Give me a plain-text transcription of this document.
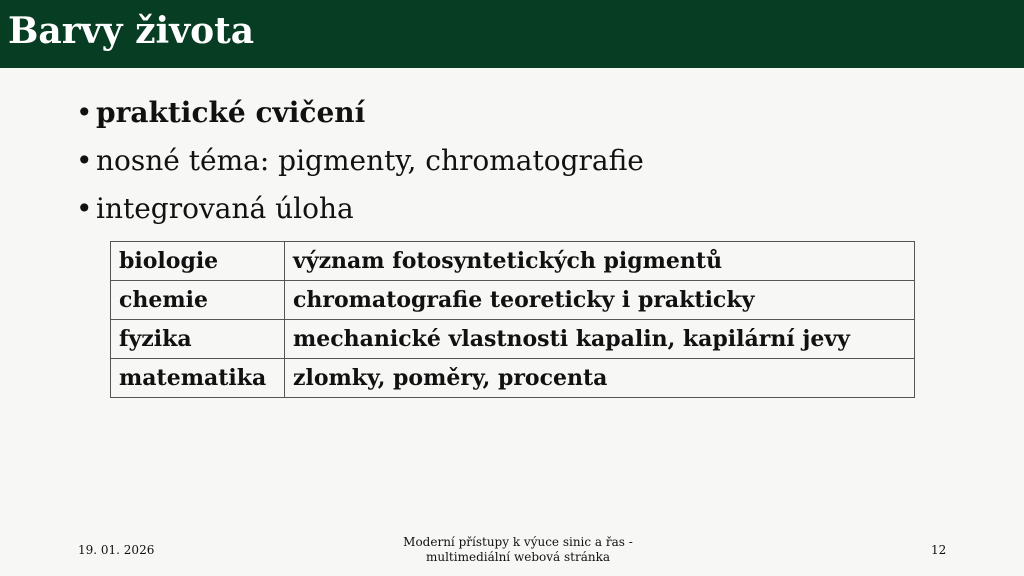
Barvy života
• praktické cvičení
• nosné téma: pigmenty, chromatografie
• integrovaná úloha
biologie	význam fotosyntetických pigmentů
chemie	chromatografie teoreticky i prakticky
fyzika	mechanické vlastnosti kapalin, kapilární jevy
matematika	zlomky, poměry, procenta
19. 01. 2026
Moderní přístupy k výuce sinic a řas -
multimediální webová stránka	12
